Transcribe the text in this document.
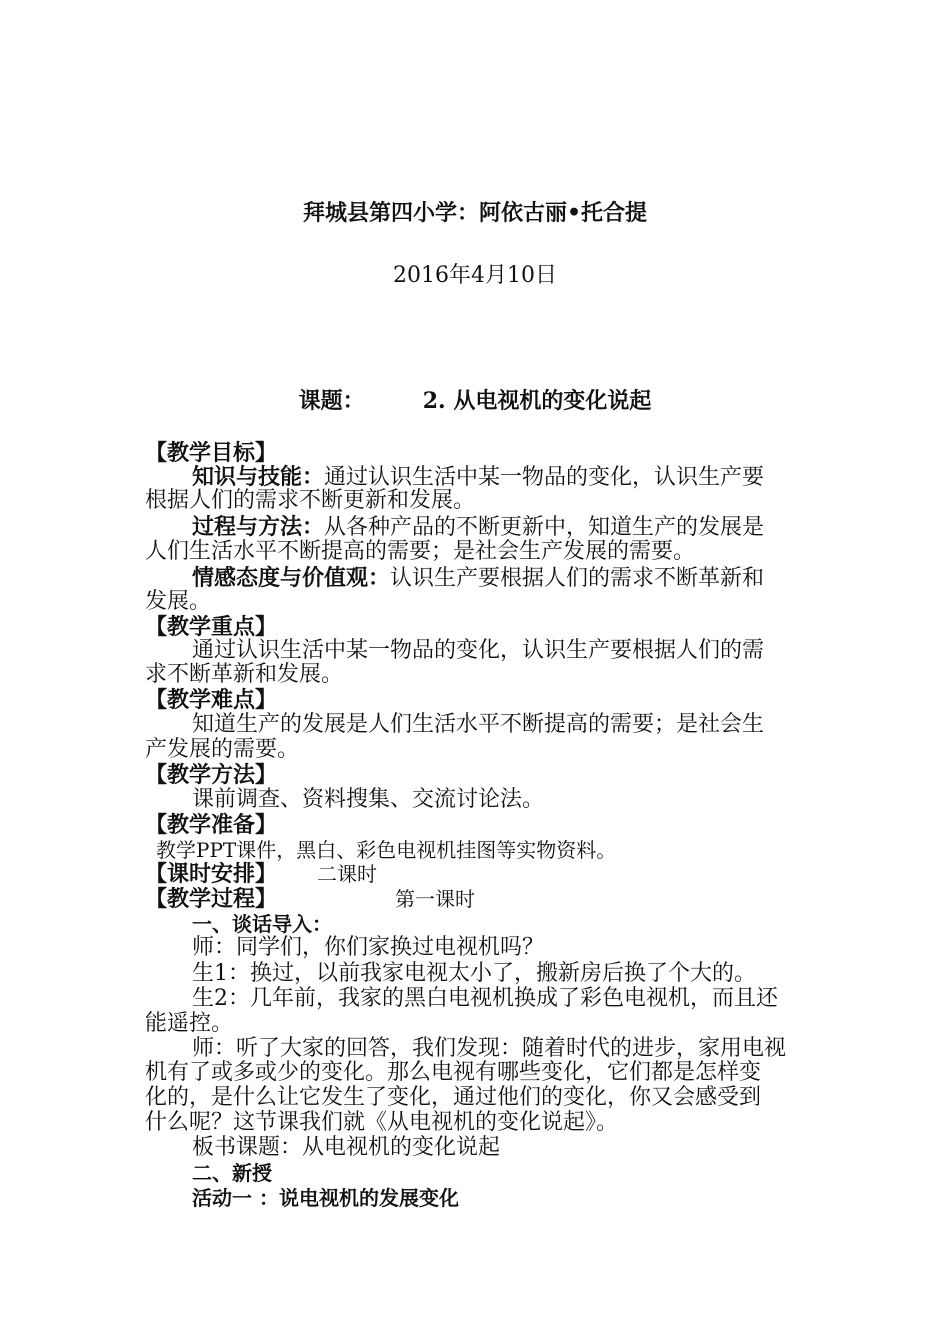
拜城县第四小学：阿依古丽•托合提
2016年4月10日
课题：	2. 从电视机的变化说起
【教学目标】
知识与技能：通过认识生活中某一物品的变化，认识生产要
根据人们的需求不断更新和发展。
过程与方法：从各种产品的不断更新中，知道生产的发展是
人们生活水平不断提高的需要；是社会生产发展的需要。
情感态度与价值观：认识生产要根据人们的需求不断革新和
发展。
【教学重点】
通过认识生活中某一物品的变化，认识生产要根据人们的需
求不断革新和发展。
【教学难点】
知道生产的发展是人们生活水平不断提高的需要；是社会生
产发展的需要。
【教学方法】
课前调查、资料搜集、交流讨论法。
【教学准备】
教学PPT课件，黑白、彩色电视机挂图等实物资料。
【课时安排】 二课时
【教学过程】	第一课时
一、谈话导入：
师：同学们，你们家换过电视机吗？
生1：换过，以前我家电视太小了，搬新房后换了个大的。
生2：几年前，我家的黑白电视机换成了彩色电视机，而且还
能遥控。
师：听了大家的回答，我们发现：随着时代的进步，家用电视
机有了或多或少的变化。那么电视有哪些变化，它们都是怎样变
化的，是什么让它发生了变化，通过他们的变化，你又会感受到
什么呢？这节课我们就《从电视机的变化说起》。
板书课题：从电视机的变化说起
二、新授
活动一 ：说电视机的发展变化
